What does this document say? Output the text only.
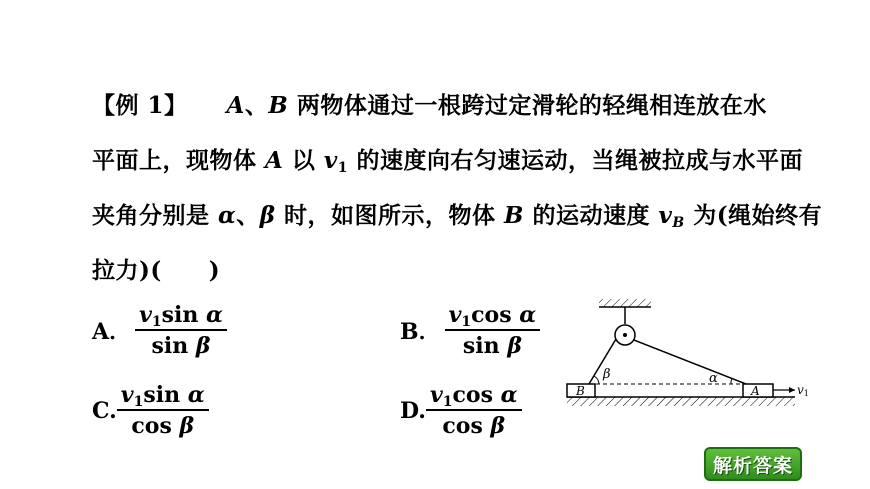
【例 1】 A、B 两物体通过一根跨过定滑轮的轻绳相连放在水
平面上，现物体 A 以 $v_1$ 的速度向右匀速运动，当绳被拉成与水平面
夹角分别是 α、β 时，如图所示，物体 B 的运动速度 $v_B$ 为(绳始终有
拉力)(　　)
A． $\frac{v_1\sin \alpha}{\text{sin β}}$	B． $\frac{v_1\cos \alpha}{\text{sin β}}$
C. $\frac{v_1\sin \alpha}{\text{cos β}}$	D. $\frac{v_1\cos \alpha}{\text{cos β}}$	B	A
β	α
v1
解析答案
